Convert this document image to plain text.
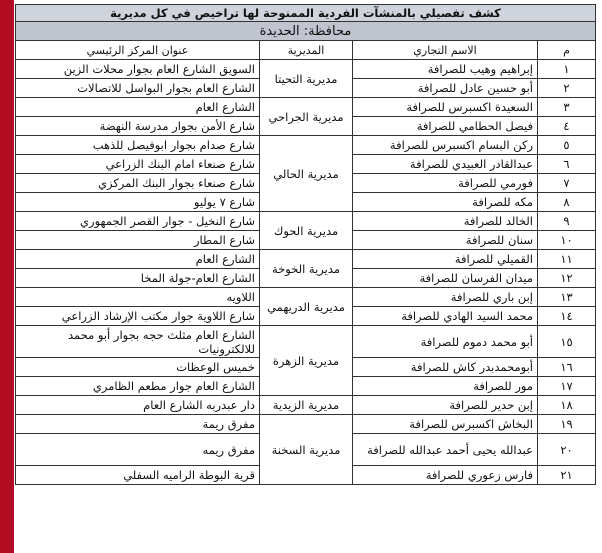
كشف تفصيلي بالمنشآت الفردية الممنوحة لها تراخيص في كل مديرية			
محافظة: الحديدة			
م	الاسم التجاري	المديرية	عنوان المركز الرئيسي
١	إبراهيم وهيب للصرافة	مديرية التحيتا	السويق الشارع العام بجوار محلات الزين
٢	أبو حسين عادل للصرافة		الشارع العام بجوار البواسل للاتصالات
٣	السعيدة اكسبرس للصرافة	مديرية الجراحي	الشارع العام
٤	فيصل الحطامي للصرافة		شارع الأمن بجوار مدرسة النهضة
٥	ركن البسام اكسبرس للصرافة	مديرية الحالي	شارع صدام بجوار ابوفيصل للذهب
٦	عبدالقادر العبيدي للصرافة		شارع صنعاء امام البنك الزراعي
٧	فورمي للصرافة		شارع صنعاء بجوار البنك المركزي
٨	مكه للصرافة		شارع ٧ يوليو
٩	الخالد للصرافة	مديرية الحوك	شارع النخيل - جوار القصر الجمهوري
١٠	سنان للصرافة		شارع المطار
١١	القميلي للصرافة	مديرية الخوخة	الشارع العام
١٢	ميدان الفرسان للصرافة		الشارع العام-جولة المخا
١٣	إبن باري للصرافة	مديرية الدريهمي	اللاويه
١٤	محمد السيد الهادي للصرافة		شارع اللاوية جوار مكتب الإرشاد الزراعي
١٥	أبو محمد دموم للصرافة	مديرية الزهرة	الشارع العام مثلث حجه بجوار أبو محمد للالكترونيات
١٦	أبومحمدبدر كاش للصرافة		خميس الوعظات
١٧	مور للصرافة		الشارع العام جوار مطعم الظامري
١٨	إبن حدير للصرافة	مديرية الزيدية	دار عبدربه الشارع العام
١٩	البخاش اكسبرس للصرافة	مديرية السخنة	مفرق ريمة
٢٠	عبدالله يحيى أحمد عبدالله للصرافة		مفرق ريمه
٢١	فارس زعوري للصرافة		قرية البوطة الراميه السفلي
